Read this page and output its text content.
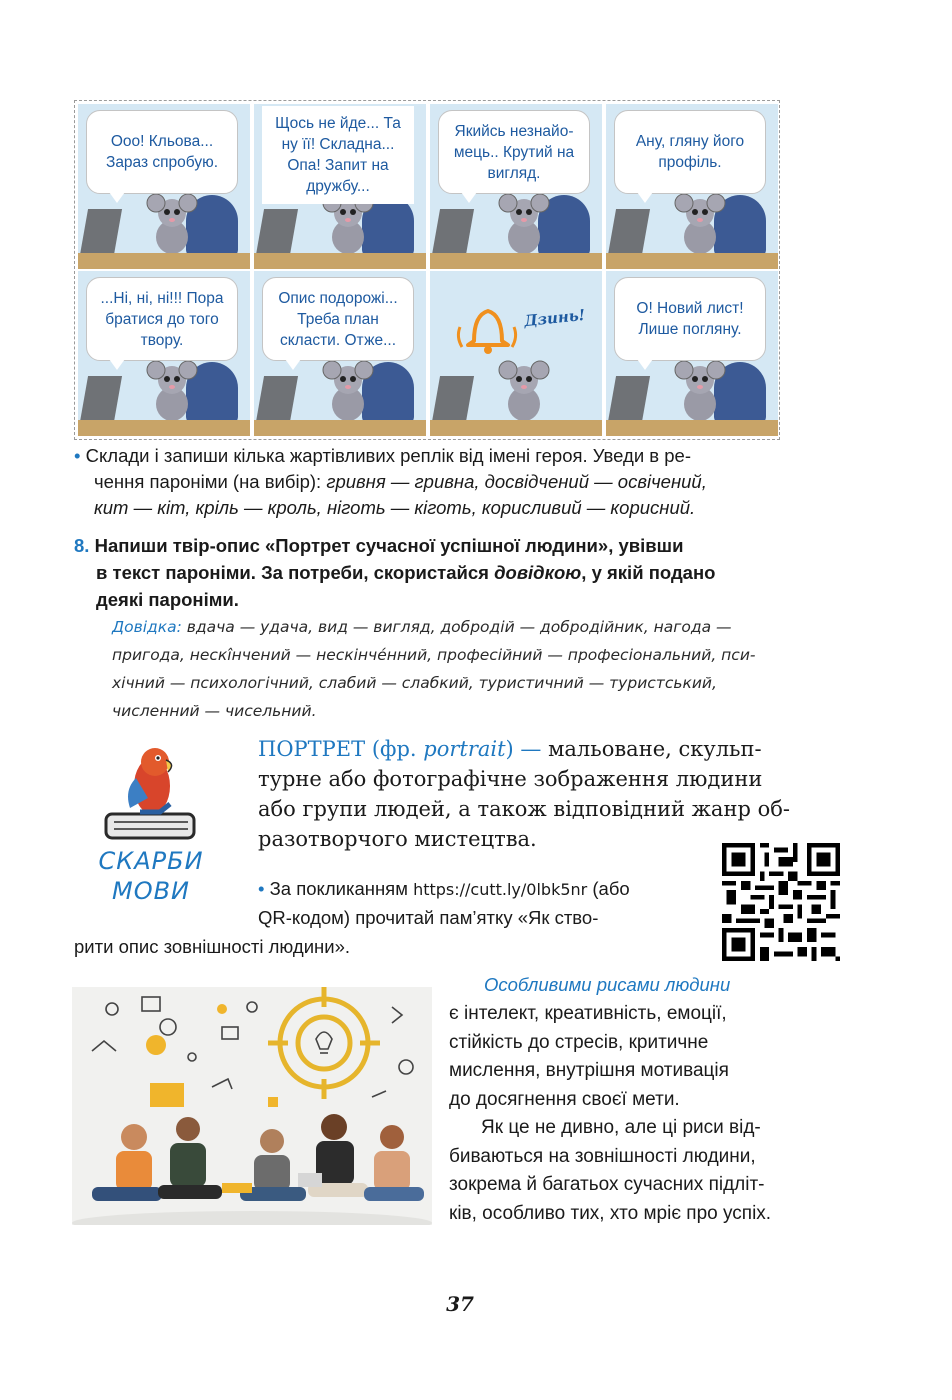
Ооо! Кльова... Зараз спробую.
Щось не йде... Та ну її! Складна... Опа! Запит на дружбу...
Якийсь незнайо- мець.. Крутий на вигляд.
Ану, гляну його профіль.
...Ні, ні, ні!!! Пора братися до того твору.
Опис подорожі... Треба план скласти. Отже...
Дзинь!	О! Новий лист! Лише погляну.
• Склади і запиши кілька жартівливих реплік від імені героя. Уведи в ре-
чення пароніми (на вибір): гривня — гривна, досвідчений — освічений,
кит — кіт, кріль — кроль, ніготь — кіготь, корисливий — корисний.
8. Напиши твір-опис «Портрет сучасної успішної людини», увівши
в текст пароніми. За потреби, скористайся довідкою, у якій подано
деякі пароніми.
Довідка: вдача — удача, вид — вигляд, добродій — добродійник, нагода —
пригода, нескі̂нчений — нескінче́нний, професійний — професіональний, пси-
хічний — психологічний, слабий — слабкий, туристичний — туристський,
численний — чисельний.
СКАРБИ
МОВИ
ПОРТРЕТ (фр. portrait) — мальоване, скульп-
турне або фотографічне зображення людини
або групи людей, а також відповідний жанр об-
разотворчого мистецтва.
• За покликанням https://cutt.ly/0lbk5nr (або
QR-кодом) прочитай пам’ятку «Як ство-
рити опис зовнішності людини».
Особливими рисами людини
є інтелект, креативність, емоції,
стійкість до стресів, критичне
мислення, внутрішня мотивація
до досягнення своєї мети.
Як це не дивно, але ці риси від-
биваються на зовнішності людини,
зокрема й багатьох сучасних підліт-
ків, особливо тих, хто мріє про успіх.
37
